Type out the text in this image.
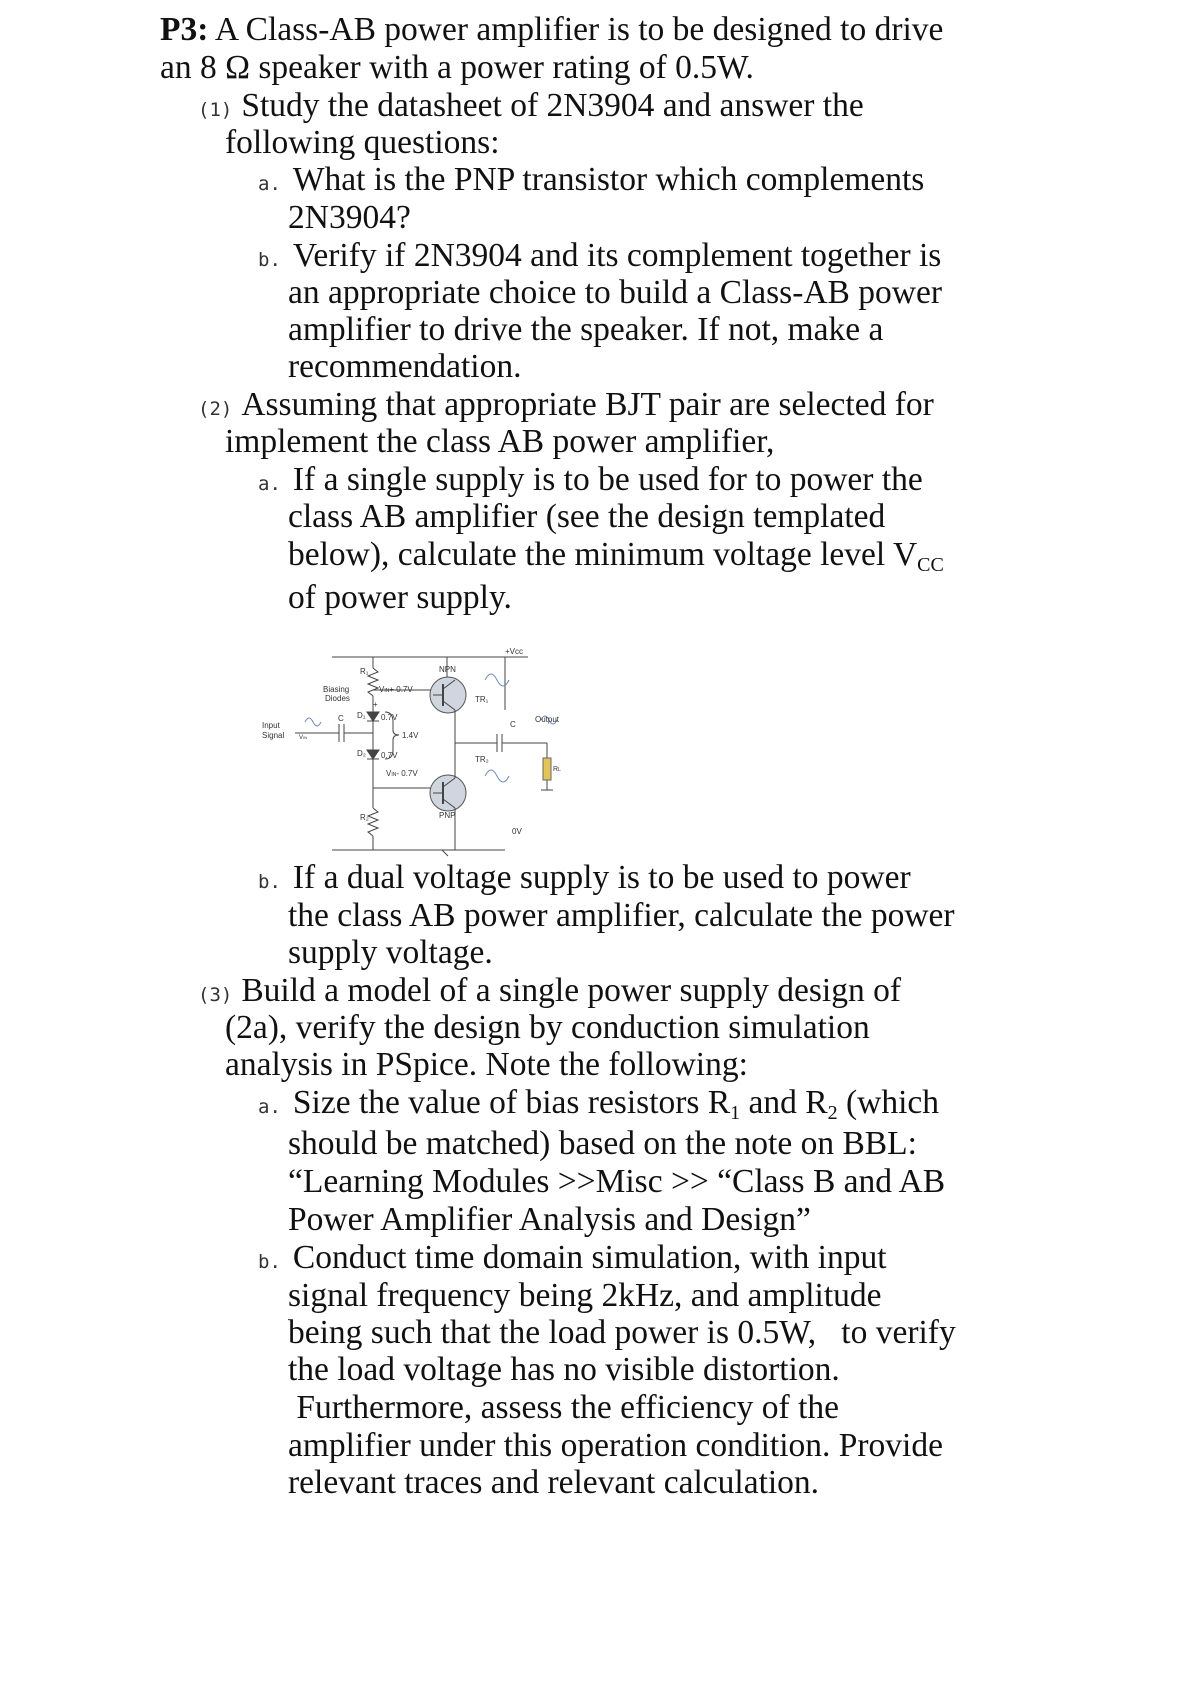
P3: A Class-AB power amplifier is to be designed to drive
an 8 Ω speaker with a power rating of 0.5W.
(1) Study the datasheet of 2N3904 and answer the
following questions:
a. What is the PNP transistor which complements
2N3904?
b. Verify if 2N3904 and its complement together is
an appropriate choice to build a Class-AB power
amplifier to drive the speaker. If not, make a
recommendation.
(2) Assuming that appropriate BJT pair are selected for
implement the class AB power amplifier,
a. If a single supply is to be used for to power the
class AB amplifier (see the design templated
below), calculate the minimum voltage level $V_{CC}$
of power supply.
+Vcc
R₁
R₂
NPN
PNP
Biasing
Diodes
VIN+ 0.7V
VIN- 0.7V
D₁
D₂
0.7V
0.7V
+
1.4V
C
C
Input
Signal VIN
TR₁
TR₂
Output
RL
0V
b. If a dual voltage supply is to be used to power
the class AB power amplifier, calculate the power
supply voltage.
(3) Build a model of a single power supply design of
(2a), verify the design by conduction simulation
analysis in PSpice. Note the following:
a. Size the value of bias resistors $R_1$ and $R_2$ (which
should be matched) based on the note on BBL:
“Learning Modules >>Misc >> “Class B and AB
Power Amplifier Analysis and Design”
b. Conduct time domain simulation, with input
signal frequency being 2kHz, and amplitude
being such that the load power is 0.5W,   to verify
the load voltage has no visible distortion.
Furthermore, assess the efficiency of the
amplifier under this operation condition. Provide
relevant traces and relevant calculation.
